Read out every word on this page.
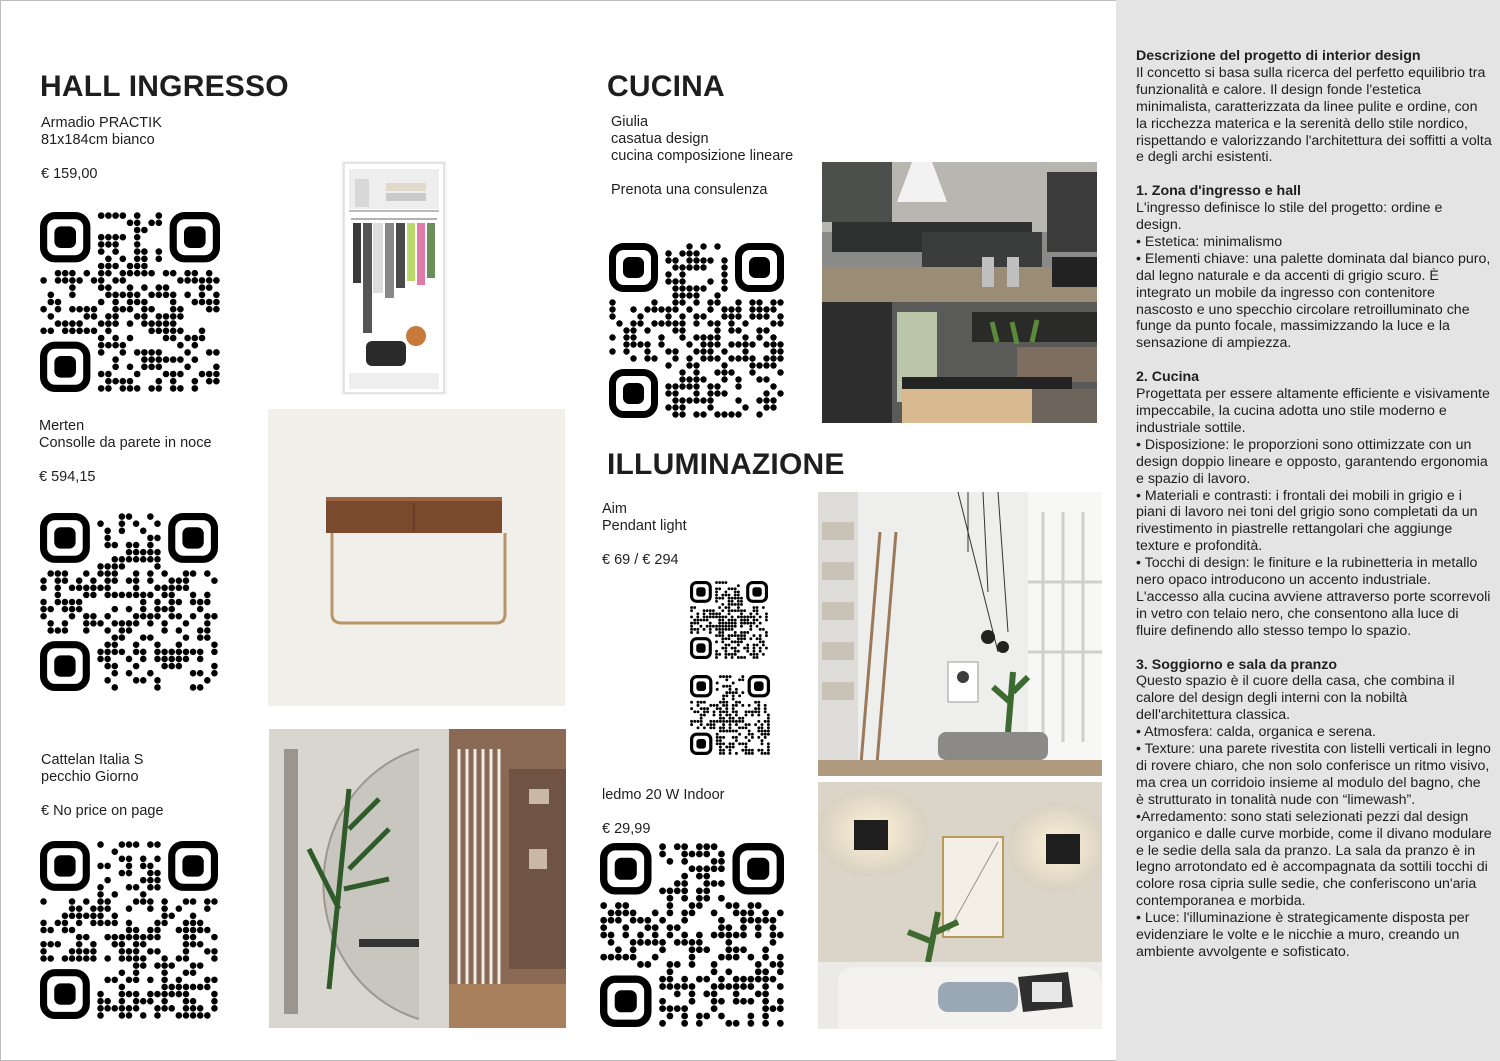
HALL INGRESSO
Armadio PRACTIK
81x184cm bianco
€ 159,00
Merten
Consolle da parete in noce
€ 594,15
Cattelan Italia S
pecchio Giorno
€ No price on page
CUCINA
Giulia
casatua design
cucina composizione lineare
Prenota una consulenza
ILLUMINAZIONE
Aim
Pendant light
€ 69 / € 294
ledmo 20 W Indoor
€ 29,99

Descrizione del progetto di interior design

Il concetto si basa sulla ricerca del perfetto equilibrio tra funzionalità e calore. Il design fonde l'estetica minimalista, caratterizzata da linee pulite e ordine, con la ricchezza materica e la serenità dello stile nordico, rispettando e valorizzando l'architettura dei soffitti a volta e degli archi esistenti.

1. Zona d'ingresso e hall

L'ingresso definisce lo stile del progetto: ordine e design.

• Estetica: minimalismo

• Elementi chiave: una palette dominata dal bianco puro, dal legno naturale e da accenti di grigio scuro. È integrato un mobile da ingresso con contenitore nascosto e uno specchio circolare retroilluminato che funge da punto focale, massimizzando la luce e la sensazione di ampiezza.

2. Cucina

Progettata per essere altamente efficiente e visivamente impeccabile, la cucina adotta uno stile moderno e industriale sottile.

• Disposizione: le proporzioni sono ottimizzate con un design doppio lineare e opposto, garantendo ergonomia e spazio di lavoro.

• Materiali e contrasti: i frontali dei mobili in grigio e i piani di lavoro nei toni del grigio sono completati da un rivestimento in piastrelle rettangolari che aggiunge texture e profondità.

• Tocchi di design: le finiture e la rubinetteria in metallo nero opaco introducono un accento industriale. L'accesso alla cucina avviene attraverso porte scorrevoli in vetro con telaio nero, che consentono alla luce di fluire definendo allo stesso tempo lo spazio.

3. Soggiorno e sala da pranzo

Questo spazio è il cuore della casa, che combina il calore del design degli interni con la nobiltà dell'architettura classica.

• Atmosfera: calda, organica e serena.

• Texture: una parete rivestita con listelli verticali in legno di rovere chiaro, che non solo conferisce un ritmo visivo, ma crea un corridoio insieme al modulo del bagno, che è strutturato in tonalità nude con “limewash”.

•Arredamento: sono stati selezionati pezzi dal design organico e dalle curve morbide, come il divano modulare e le sedie della sala da pranzo. La sala da pranzo è in legno arrotondato ed è accompagnata da sottili tocchi di colore rosa cipria sulle sedie, che conferiscono un'aria contemporanea e morbida.

• Luce: l'illuminazione è strategicamente disposta per evidenziare le volte e le nicchie a muro, creando un ambiente avvolgente e sofisticato.
